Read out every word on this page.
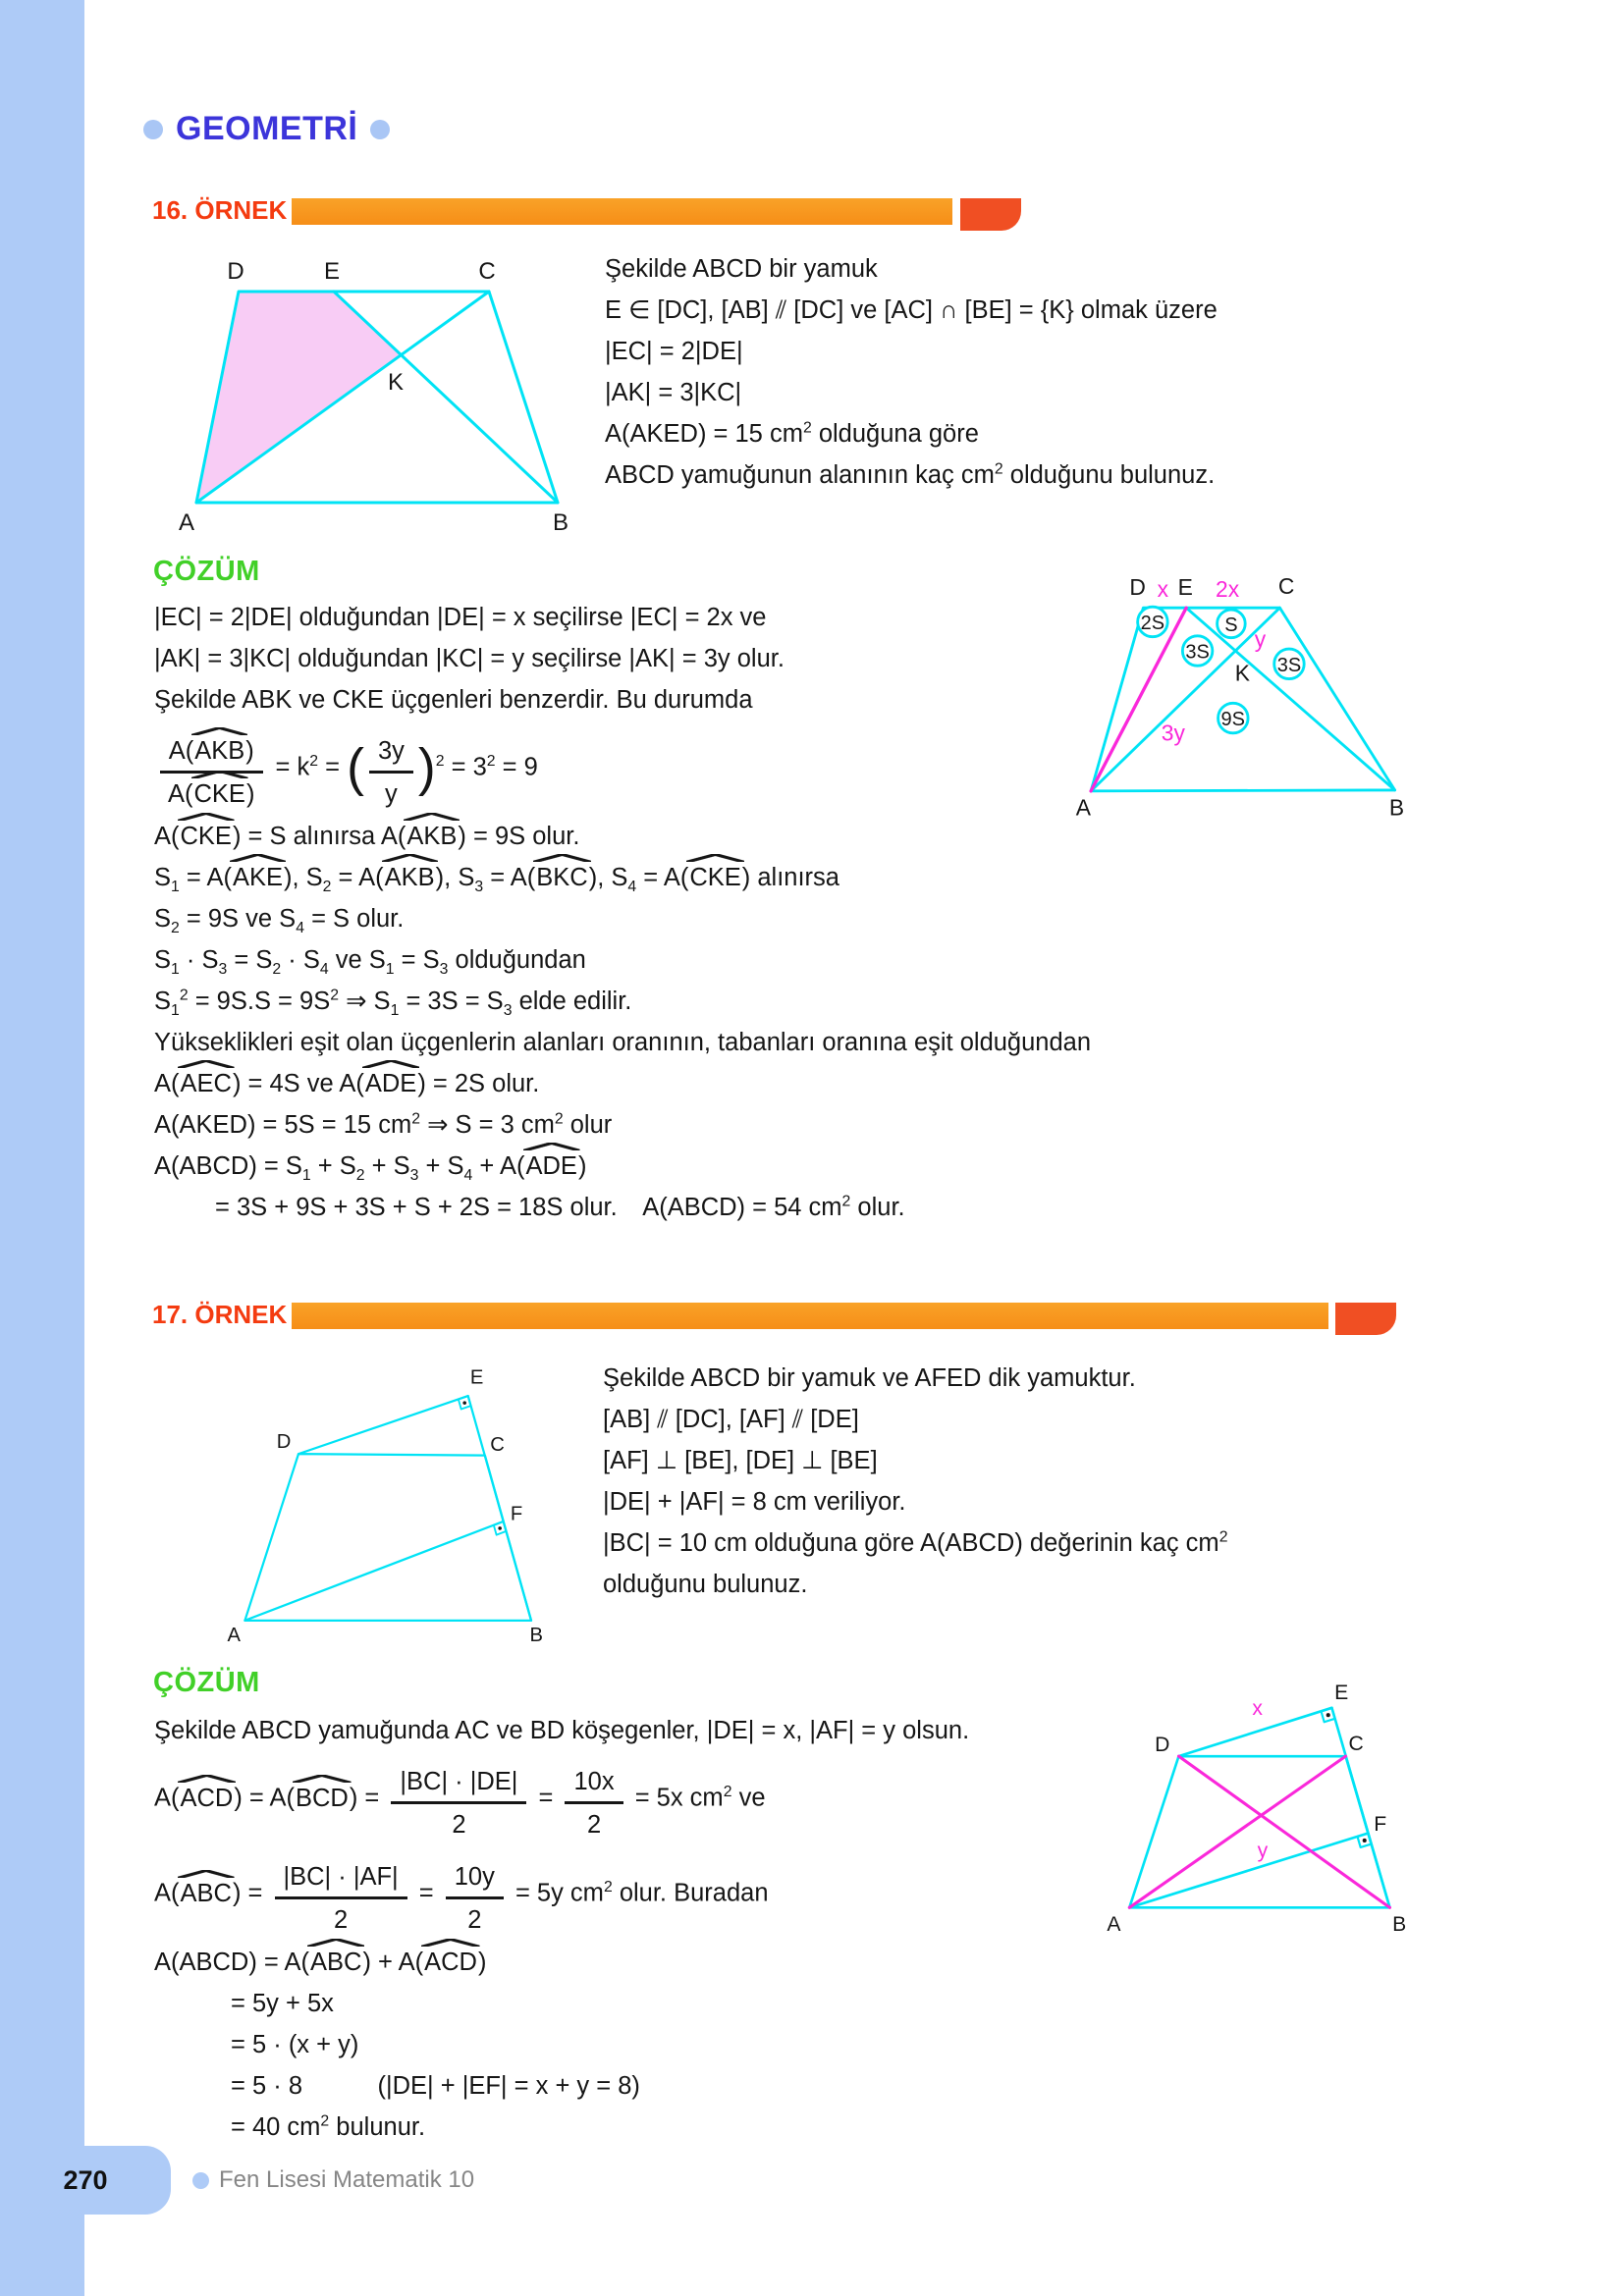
GEOMETRİ
16. ÖRNEK
D	E	C
K
A	B

Şekilde ABCD bir yamuk

E ∈ [DC], [AB] ⫽ [DC] ve [AC] ∩ [BE] = {K} olmak üzere

|EC| = 2|DE|

|AK| = 3|KC|

A(AKED) = 15 $cm^2$ olduğuna göre

ABCD yamuğunun alanının kaç $cm^2$ olduğunu bulunuz.

ÇÖZÜM

|EC| = 2|DE| olduğundan |DE| = x seçilirse |EC| = 2x ve

|AK| = 3|KC| olduğundan |KC| = y seçilirse |AK| = 3y olur.

Şekilde ABK ve CKE üçgenleri benzerdir. Bu durumda

$\frac{\text{A(AKB)}}{\text{A(CKE)}} = k^2$ = ( $\frac{3y}{y} )^2 = 3^2 = 9$

A(CKE) = S alınırsa A(AKB) = 9S olur.

$S_1 = A(AKE)$, $S_2 = A(AKB)$, $S_3 = A(BKC)$, $S_4 = A(CKE)$ alınırsa

$S_2 = 9S$ ve $S_4 = S$ olur.

$S_1 \cdot S_3 = S_2 \cdot S_4$ ve $S_1 = S_3$ olduğundan

$S_1^2 = 9S.S = 9S^2$ ⇒ $S_1 = 3S = S_3$ elde edilir.

Yükseklikleri eşit olan üçgenlerin alanları oranının, tabanları oranına eşit olduğundan

A(AEC) = 4S ve A(ADE) = 2S olur.

A(AKED) = 5S = 15 $cm^2$ ⇒ S = 3 $cm^2$ olur

A(ABCD) = $S_1 + S_2 + S_3 + S_4 + A(ADE)$

= 3S + 9S + 3S + S + 2S = 18S olur. A(ABCD) = 54 $cm^2$ olur.

2S	S
3S
3S
9S
D x E 2x C
K
y
3y
A	B
17. ÖRNEK
E
D	C
F
A	B

Şekilde ABCD bir yamuk ve AFED dik yamuktur.

[AB] ⫽ [DC], [AF] ⫽ [DE]

[AF] ⊥ [BE], [DE] ⊥ [BE]

|DE| + |AF| = 8 cm veriliyor.

|BC| = 10 cm olduğuna göre A(ABCD) değerinin kaç $cm^2$

olduğunu bulunuz.

ÇÖZÜM

Şekilde ABCD yamuğunda AC ve BD köşegenler, |DE| = x, |AF| = y olsun.

$A(ACD) = A(BCD) = \frac{|BC| \cdot |DE|}{2} = \frac{10x}{2} = 5x$ $cm^2$ ve

$A(ABC) = \frac{|BC| \cdot |AF|}{2} = \frac{10y}{2} = 5y$ $cm^2$ olur. Buradan

A(ABCD) = A(ABC) + A(ACD)

= 5y + 5x

= 5 · (x + y)

= 5 · 8   (|DE| + |EF| = x + y = 8)

= 40 $cm^2$ bulunur.

E
x
D	C
F
y
A	B
270	Fen Lisesi Matematik 10
